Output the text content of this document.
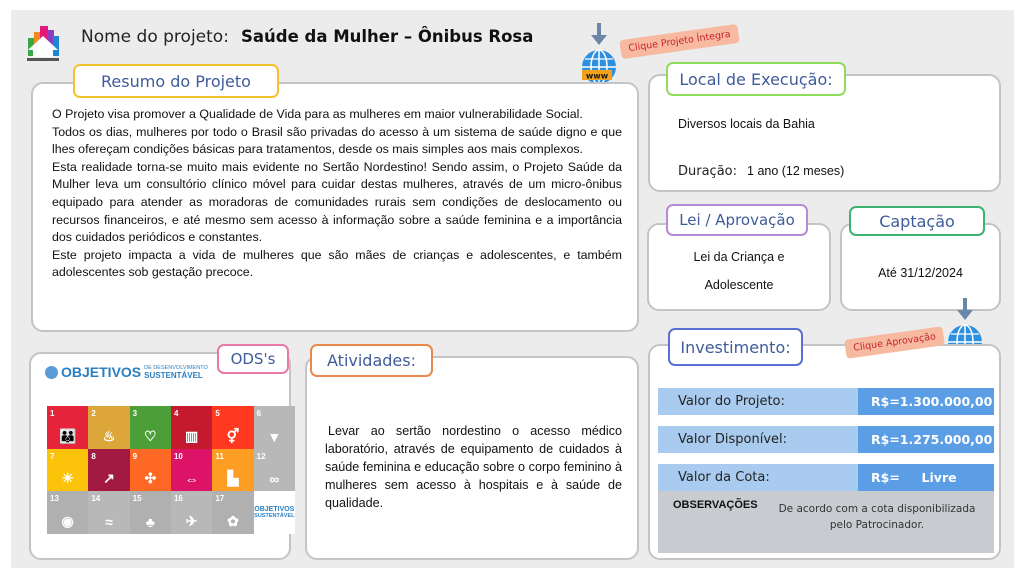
Nome do projeto: Saúde da Mulher – Ônibus Rosa
www
Clique Projeto Íntegra

O Projeto visa promover a Qualidade de Vida para as mulheres em maior vulnerabilidade Social.

Todos os dias, mulheres por todo o Brasil são privadas do acesso à um sistema de saúde digno e que lhes ofereçam condições básicas para tratamentos, desde os mais simples aos mais complexos.

Esta realidade torna-se muito mais evidente no Sertão Nordestino! Sendo assim, o Projeto Saúde da Mulher leva um consultório clínico móvel para cuidar destas mulheres, através de um micro-ônibus equipado para atender as moradoras de comunidades rurais sem condições de deslocamento ou recursos financeiros, e até mesmo sem acesso à informação sobre a saúde feminina e a importância dos cuidados periódicos e constantes.

Este projeto impacta a vida de mulheres que são mães de crianças e adolescentes, e também adolescentes sob gestação precoce.

Resumo do Projeto
Diversos locais da Bahia
Duração: 1 ano (12 meses)
Local de Execução:
Lei da Criança e
Adolescente
Lei / Aprovação
Até 31/12/2024
Captação
Valor do Projeto:	R$=1.300.000,00
Valor Disponível:	R$=1.275.000,00
Valor da Cota:	R$=     Livre
OBSERVAÇÕES	De acordo com a cota disponibilizada pelo Patrocinador.
Investimento:	Clique Aprovação
OBJETIVOS DE DESENVOLVIMENTO
SUSTENTÁVEL
1
👪
2
♨
3
♡
4
▥
5
⚥
6
▼
7
☀
8
↗
9
✣
10
⇔
11
▙
12
∞
13
◉
14
≈
15
♣
16
✈
17
✿
OBJETIVOS
SUSTENTÁVEL
ODS's
Levar ao sertão nordestino o acesso médico laboratório, através de equipamento de cuidados à saúde feminina e educação sobre o corpo feminino à mulheres sem acesso à hospitais e à saúde de qualidade.
Atividades:
